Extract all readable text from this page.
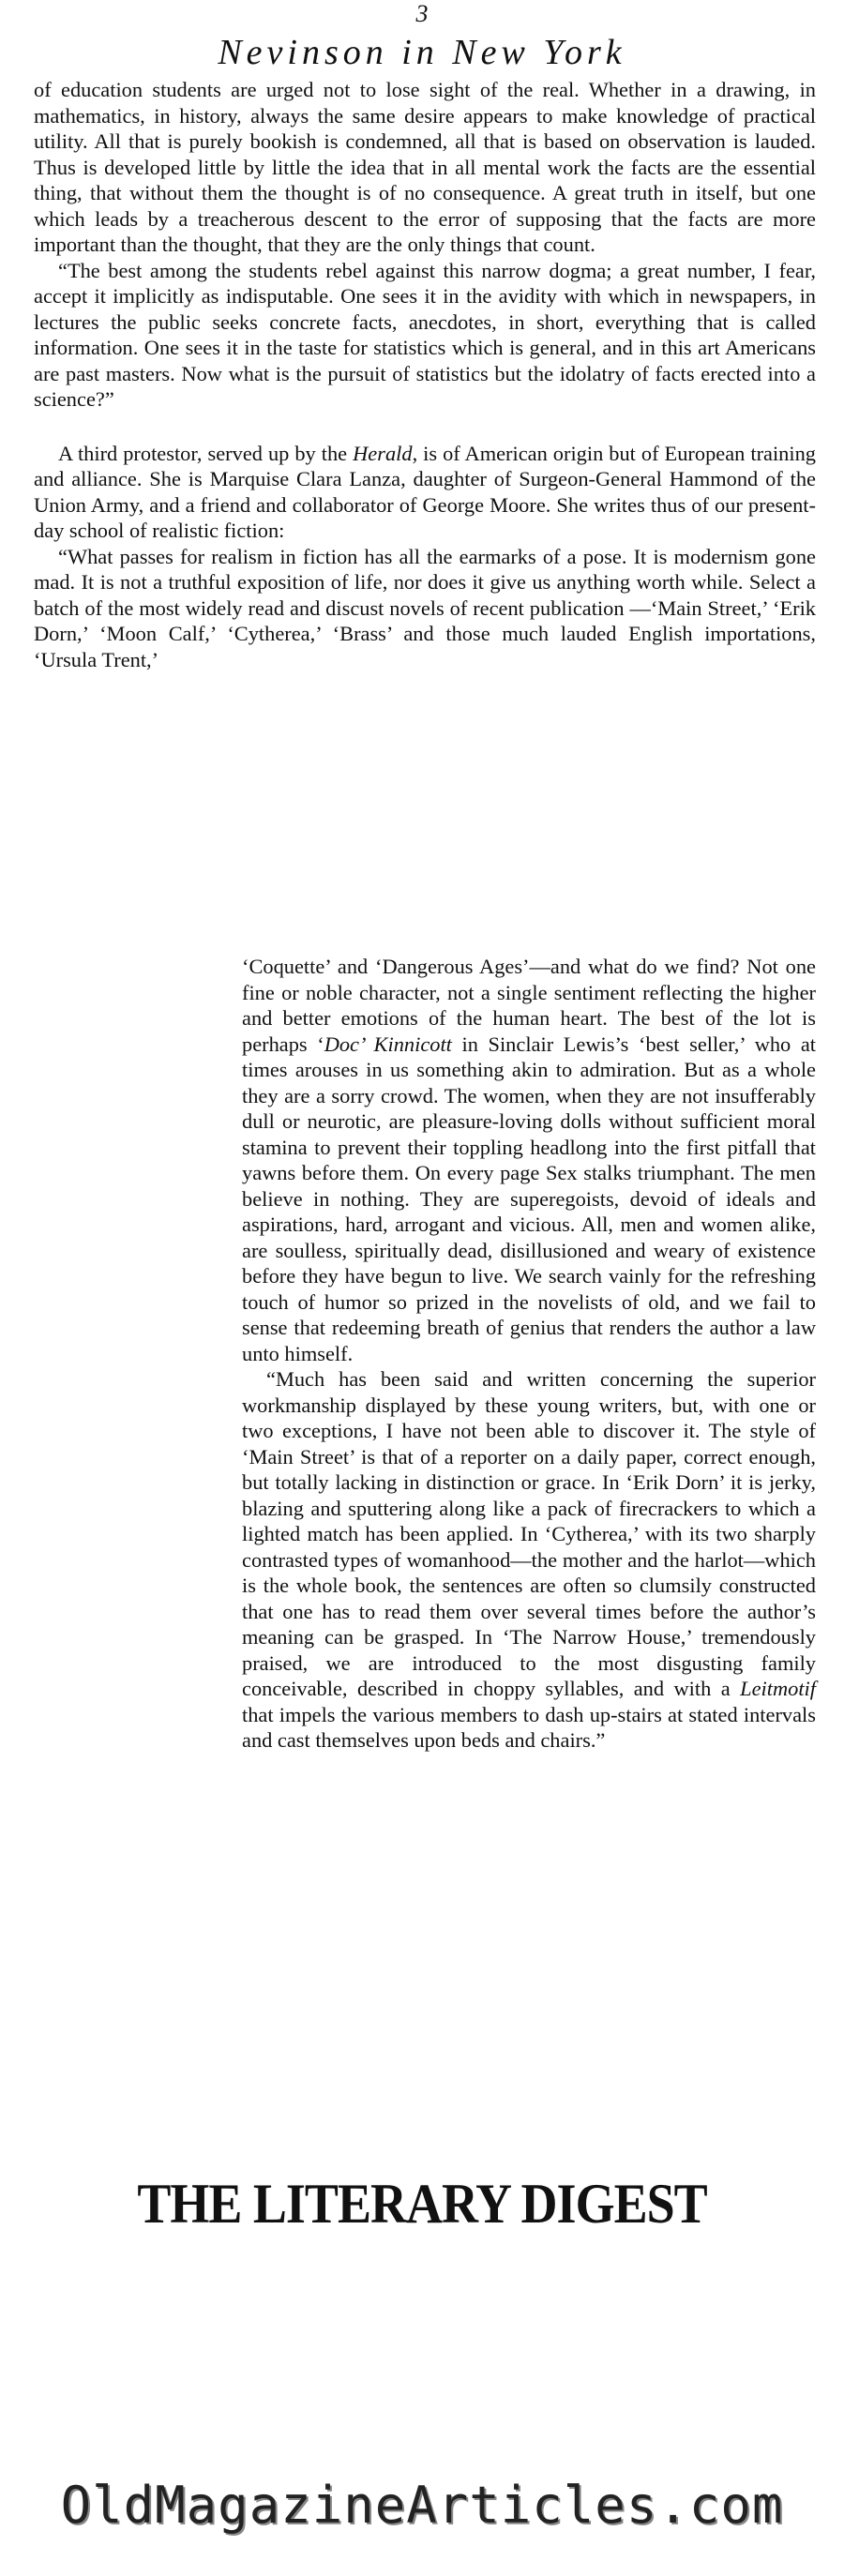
3
Nevinson in New York

of education students are urged not to lose sight of the real. Whether in a drawing, in mathematics, in history, always the same desire appears to make knowledge of practical utility. All that is purely bookish is condemned, all that is based on observation is lauded. Thus is developed little by little the idea that in all mental work the facts are the essential thing, that without them the thought is of no consequence. A great truth in itself, but one which leads by a treacherous descent to the error of supposing that the facts are more important than the thought, that they are the only things that count.

“The best among the students rebel against this narrow dogma; a great number, I fear, accept it implicitly as indisputable. One sees it in the avidity with which in newspapers, in lectures the public seeks concrete facts, anecdotes, in short, everything that is called information. One sees it in the taste for statistics which is general, and in this art Americans are past masters. Now what is the pursuit of statistics but the idolatry of facts erected into a science?”

A third protestor, served up by the Herald, is of American origin but of European training and alliance. She is Marquise Clara Lanza, daughter of Surgeon-General Hammond of the Union Army, and a friend and collaborator of George Moore. She writes thus of our present-day school of realistic fiction:

“What passes for realism in fiction has all the earmarks of a pose. It is modernism gone mad. It is not a truthful exposition of life, nor does it give us anything worth while. Select a batch of the most widely read and discust novels of recent publication —‘Main Street,’ ‘Erik Dorn,’ ‘Moon Calf,’ ‘Cytherea,’ ‘Brass’ and those much lauded English importations, ‘Ursula Trent,’

‘Coquette’ and ‘Dangerous Ages’—and what do we find? Not one fine or noble character, not a single sentiment reflecting the higher and better emotions of the human heart. The best of the lot is perhaps ‘Doc’ Kinnicott in Sinclair Lewis’s ‘best seller,’ who at times arouses in us something akin to admiration. But as a whole they are a sorry crowd. The women, when they are not insufferably dull or neurotic, are pleasure-loving dolls without sufficient moral stamina to prevent their toppling headlong into the first pitfall that yawns before them. On every page Sex stalks triumphant. The men believe in nothing. They are superegoists, devoid of ideals and aspirations, hard, arrogant and vicious. All, men and women alike, are soulless, spiritually dead, disillusioned and weary of existence before they have begun to live. We search vainly for the refreshing touch of humor so prized in the novelists of old, and we fail to sense that redeeming breath of genius that renders the author a law unto himself.

“Much has been said and written concerning the superior workmanship displayed by these young writers, but, with one or two exceptions, I have not been able to discover it. The style of ‘Main Street’ is that of a reporter on a daily paper, correct enough, but totally lacking in distinction or grace. In ‘Erik Dorn’ it is jerky, blazing and sputtering along like a pack of firecrackers to which a lighted match has been applied. In ‘Cytherea,’ with its two sharply contrasted types of womanhood—the mother and the harlot—which is the whole book, the sentences are often so clumsily constructed that one has to read them over several times before the author’s meaning can be grasped. In ‘The Narrow House,’ tremendously praised, we are introduced to the most disgusting family conceivable, described in choppy syllables, and with a Leitmotif that impels the various members to dash up-stairs at stated intervals and cast themselves upon beds and chairs.”

THE LITERARY DIGEST
OldMagazineArticles.com
